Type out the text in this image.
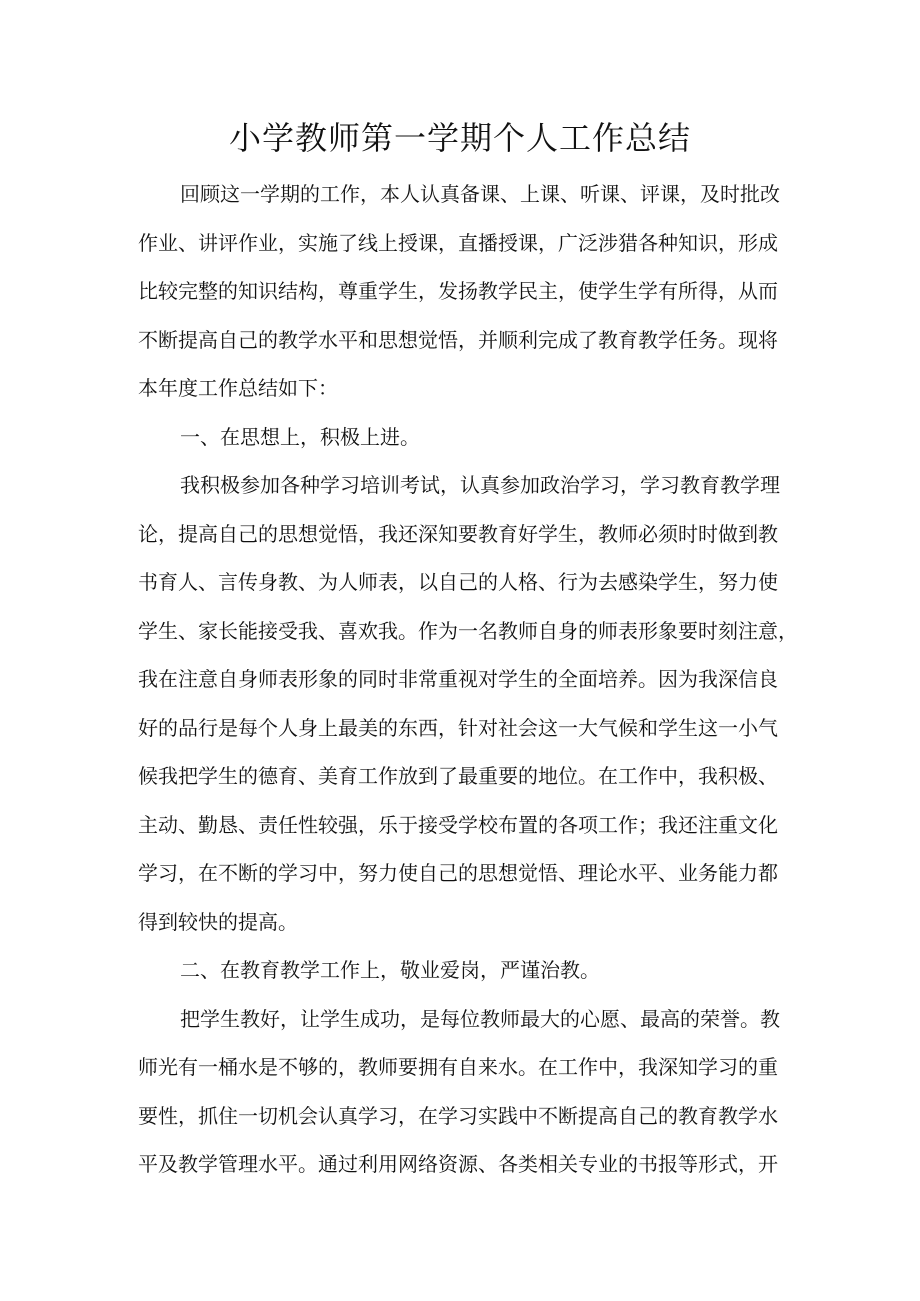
小学教师第一学期个人工作总结

回顾这一学期的工作，本人认真备课、上课、听课、评课，及时批改
作业、讲评作业，实施了线上授课，直播授课，广泛涉猎各种知识，形成
比较完整的知识结构，尊重学生，发扬教学民主，使学生学有所得，从而
不断提高自己的教学水平和思想觉悟，并顺利完成了教育教学任务。现将
本年度工作总结如下：

一、在思想上，积极上进。

我积极参加各种学习培训考试，认真参加政治学习，学习教育教学理
论，提高自己的思想觉悟，我还深知要教育好学生，教师必须时时做到教
书育人、言传身教、为人师表，以自己的人格、行为去感染学生，努力使
学生、家长能接受我、喜欢我。作为一名教师自身的师表形象要时刻注意，
我在注意自身师表形象的同时非常重视对学生的全面培养。因为我深信良
好的品行是每个人身上最美的东西，针对社会这一大气候和学生这一小气
候我把学生的德育、美育工作放到了最重要的地位。在工作中，我积极、
主动、勤恳、责任性较强，乐于接受学校布置的各项工作；我还注重文化
学习，在不断的学习中，努力使自己的思想觉悟、理论水平、业务能力都
得到较快的提高。

二、在教育教学工作上，敬业爱岗，严谨治教。

把学生教好，让学生成功，是每位教师最大的心愿、最高的荣誉。教
师光有一桶水是不够的，教师要拥有自来水。在工作中，我深知学习的重
要性，抓住一切机会认真学习，在学习实践中不断提高自己的教育教学水
平及教学管理水平。通过利用网络资源、各类相关专业的书报等形式，开
